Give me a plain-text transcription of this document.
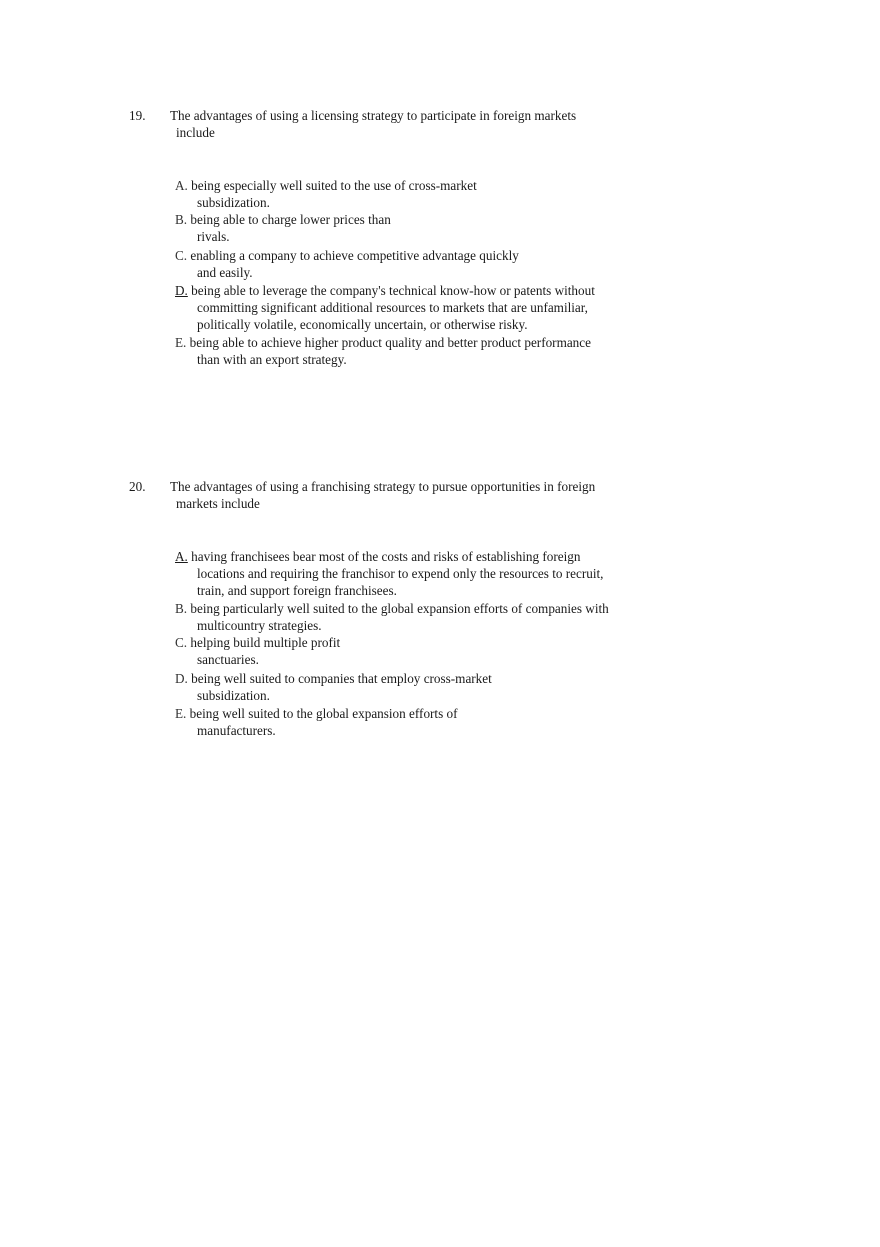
19. The advantages of using a licensing strategy to participate in foreign markets
include
A. being especially well suited to the use of cross-market
subsidization.
B. being able to charge lower prices than
rivals.
C. enabling a company to achieve competitive advantage quickly
and easily.
D. being able to leverage the company's technical know-how or patents without
committing significant additional resources to markets that are unfamiliar,
politically volatile, economically uncertain, or otherwise risky.
E. being able to achieve higher product quality and better product performance
than with an export strategy.
20. The advantages of using a franchising strategy to pursue opportunities in foreign
markets include
A. having franchisees bear most of the costs and risks of establishing foreign
locations and requiring the franchisor to expend only the resources to recruit,
train, and support foreign franchisees.
B. being particularly well suited to the global expansion efforts of companies with
multicountry strategies.
C. helping build multiple profit
sanctuaries.
D. being well suited to companies that employ cross-market
subsidization.
E. being well suited to the global expansion efforts of
manufacturers.
